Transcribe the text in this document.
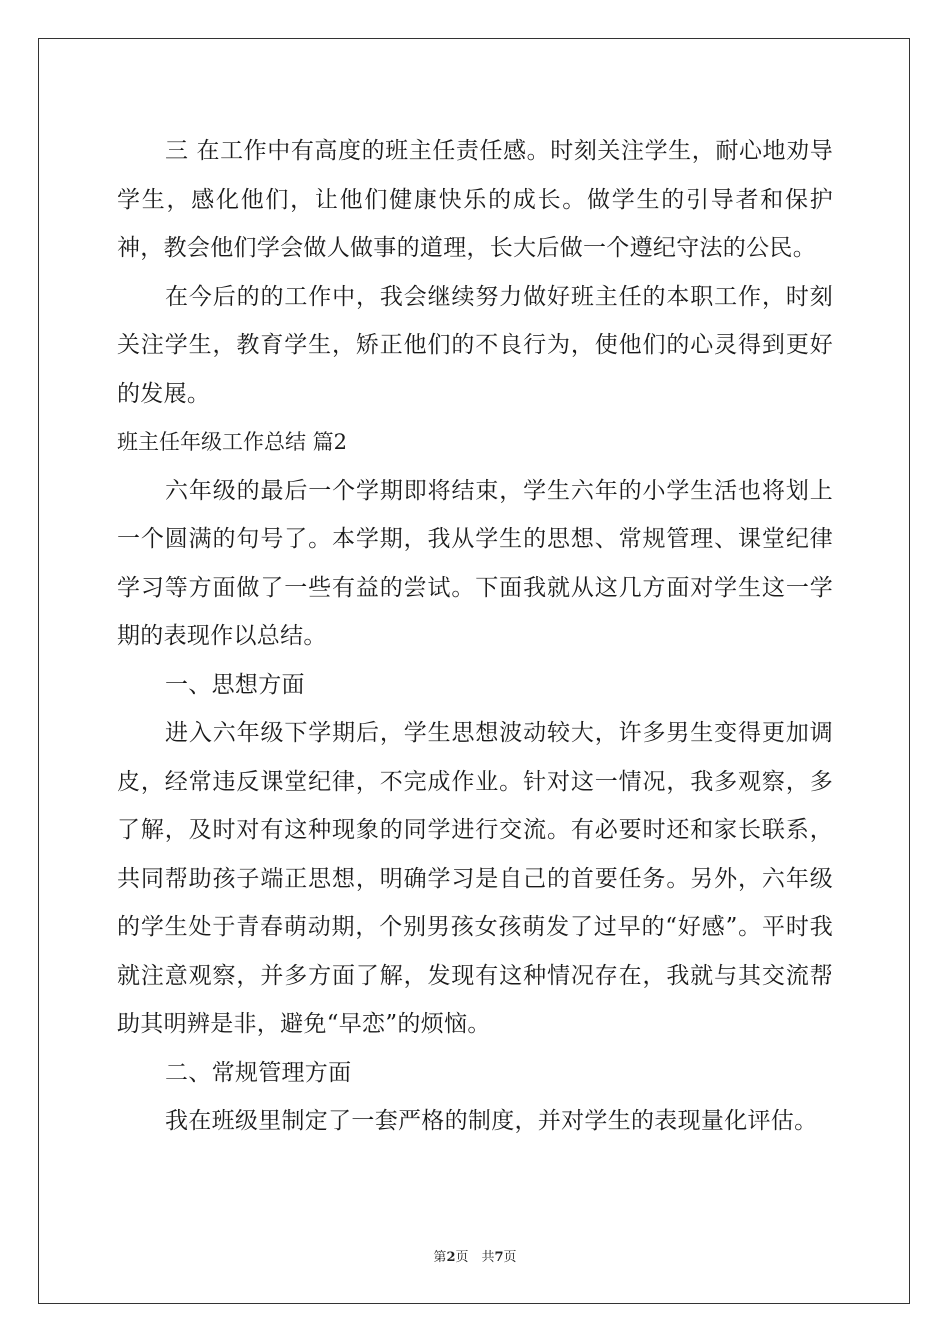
三 在工作中有高度的班主任责任感。时刻关注学生，耐心地劝导学生，感化他们，让他们健康快乐的成长。做学生的引导者和保护神，教会他们学会做人做事的道理，长大后做一个遵纪守法的公民。

在今后的的工作中，我会继续努力做好班主任的本职工作，时刻关注学生，教育学生，矫正他们的不良行为，使他们的心灵得到更好的发展。

班主任年级工作总结 篇2

六年级的最后一个学期即将结束，学生六年的小学生活也将划上一个圆满的句号了。本学期，我从学生的思想、常规管理、课堂纪律学习等方面做了一些有益的尝试。下面我就从这几方面对学生这一学期的表现作以总结。

一、思想方面

进入六年级下学期后，学生思想波动较大，许多男生变得更加调皮，经常违反课堂纪律，不完成作业。针对这一情况，我多观察，多了解，及时对有这种现象的同学进行交流。有必要时还和家长联系，共同帮助孩子端正思想，明确学习是自己的首要任务。另外，六年级的学生处于青春萌动期，个别男孩女孩萌发了过早的“好感”。平时我就注意观察，并多方面了解，发现有这种情况存在，我就与其交流帮助其明辨是非，避免“早恋”的烦恼。

二、常规管理方面

我在班级里制定了一套严格的制度，并对学生的表现量化评估。

第2页　共7页
